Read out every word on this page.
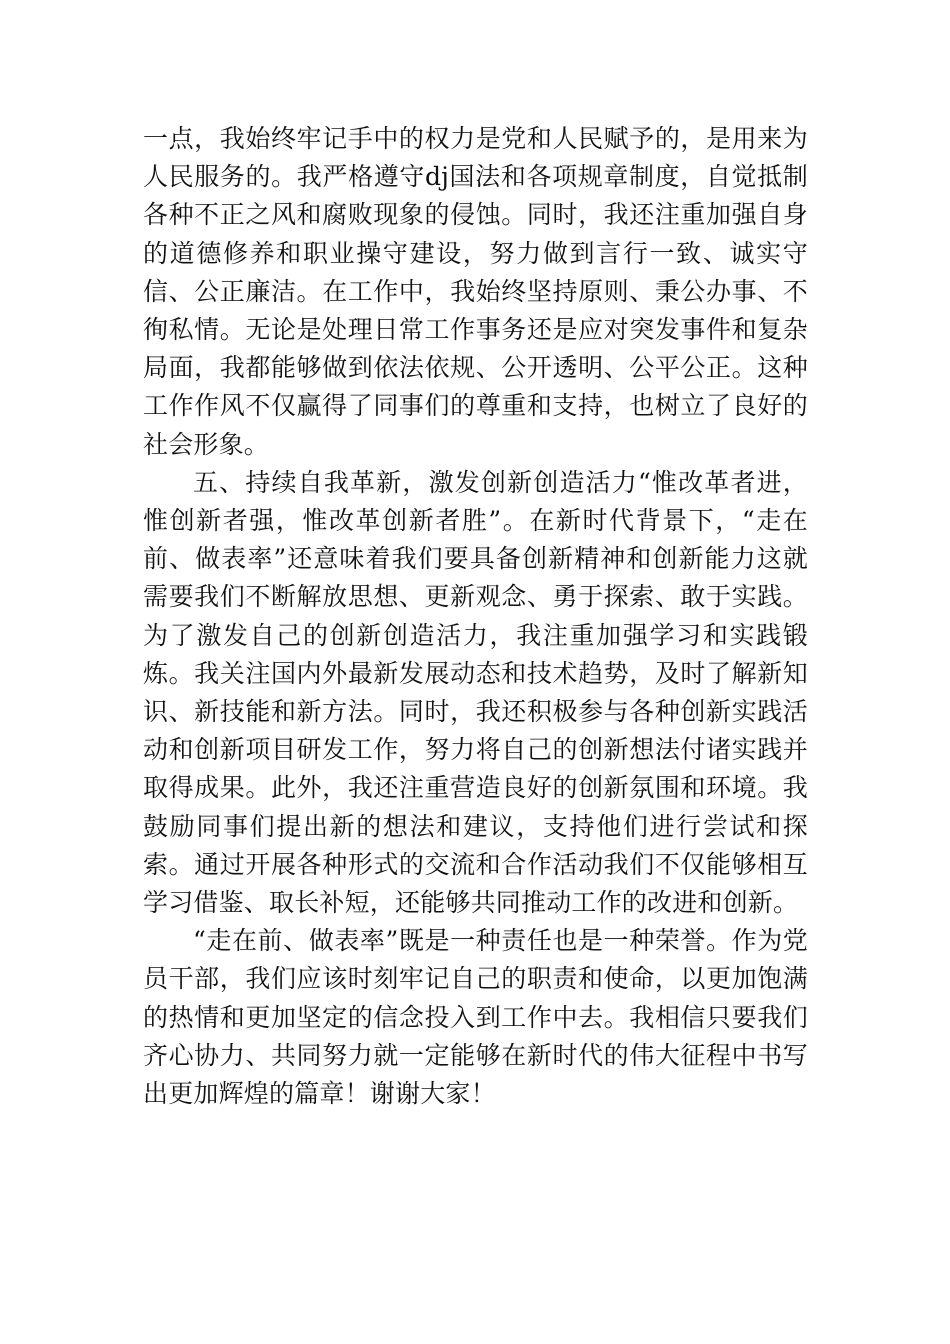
一点，我始终牢记手中的权力是党和人民赋予的，是用来为人民服务的。我严格遵守dj国法和各项规章制度，自觉抵制各种不正之风和腐败现象的侵蚀。同时，我还注重加强自身的道德修养和职业操守建设，努力做到言行一致、诚实守信、公正廉洁。在工作中，我始终坚持原则、秉公办事、不徇私情。无论是处理日常工作事务还是应对突发事件和复杂局面，我都能够做到依法依规、公开透明、公平公正。这种工作作风不仅赢得了同事们的尊重和支持，也树立了良好的社会形象。

五、持续自我革新，激发创新创造活力“惟改革者进，惟创新者强，惟改革创新者胜”。在新时代背景下，“走在前、做表率”还意味着我们要具备创新精神和创新能力这就需要我们不断解放思想、更新观念、勇于探索、敢于实践。为了激发自己的创新创造活力，我注重加强学习和实践锻炼。我关注国内外最新发展动态和技术趋势，及时了解新知识、新技能和新方法。同时，我还积极参与各种创新实践活动和创新项目研发工作，努力将自己的创新想法付诸实践并取得成果。此外，我还注重营造良好的创新氛围和环境。我鼓励同事们提出新的想法和建议，支持他们进行尝试和探索。通过开展各种形式的交流和合作活动我们不仅能够相互学习借鉴、取长补短，还能够共同推动工作的改进和创新。

“走在前、做表率”既是一种责任也是一种荣誉。作为党员干部，我们应该时刻牢记自己的职责和使命，以更加饱满的热情和更加坚定的信念投入到工作中去。我相信只要我们齐心协力、共同努力就一定能够在新时代的伟大征程中书写出更加辉煌的篇章！谢谢大家！
